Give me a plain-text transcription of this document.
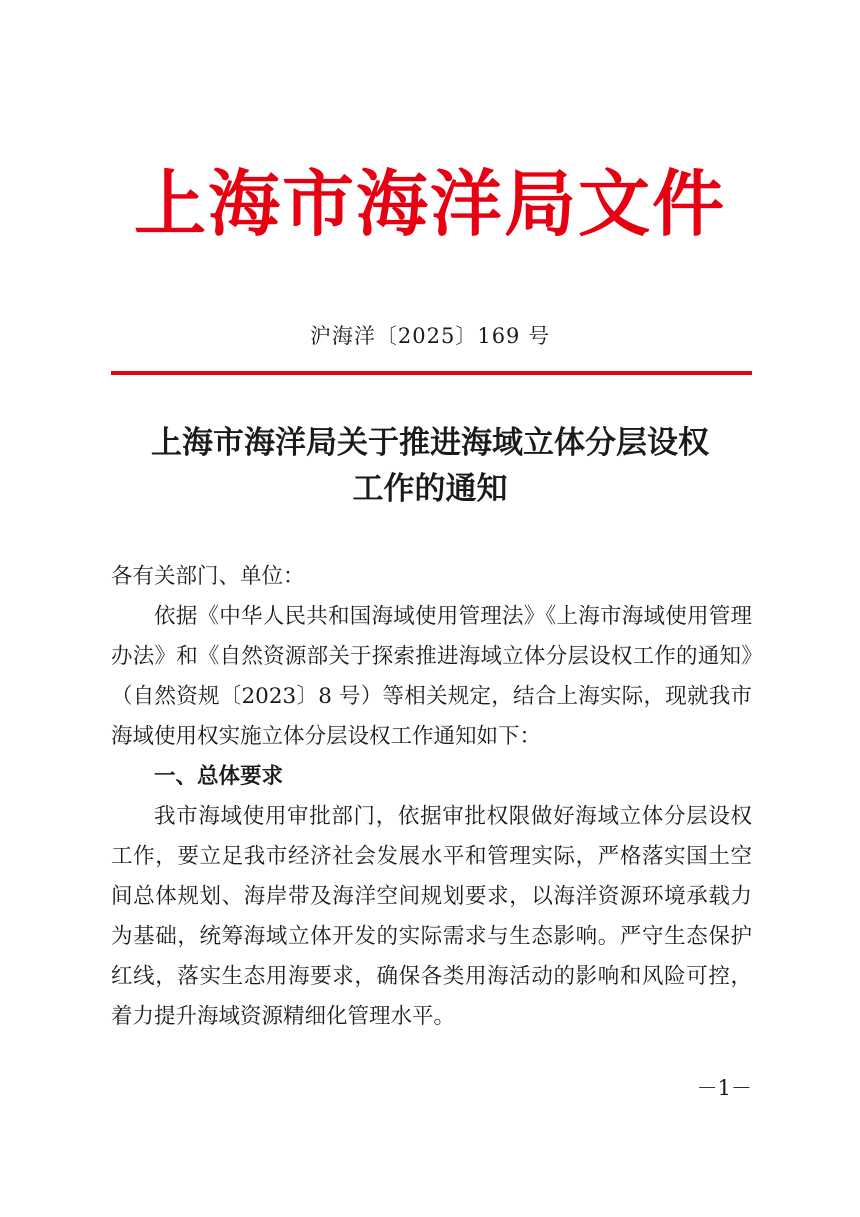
上海市海洋局文件
沪海洋〔2025〕169 号
上海市海洋局关于推进海域立体分层设权
工作的通知

各有关部门、单位：

依据《中华人民共和国海域使用管理法》《上海市海域使用管理办法》和《自然资源部关于探索推进海域立体分层设权工作的通知》（自然资规〔2023〕8 号）等相关规定，结合上海实际，现就我市海域使用权实施立体分层设权工作通知如下：

一、总体要求

我市海域使用审批部门，依据审批权限做好海域立体分层设权工作，要立足我市经济社会发展水平和管理实际，严格落实国土空间总体规划、海岸带及海洋空间规划要求，以海洋资源环境承载力为基础，统筹海域立体开发的实际需求与生态影响。严守生态保护红线，落实生态用海要求，确保各类用海活动的影响和风险可控，着力提升海域资源精细化管理水平。

－1－
